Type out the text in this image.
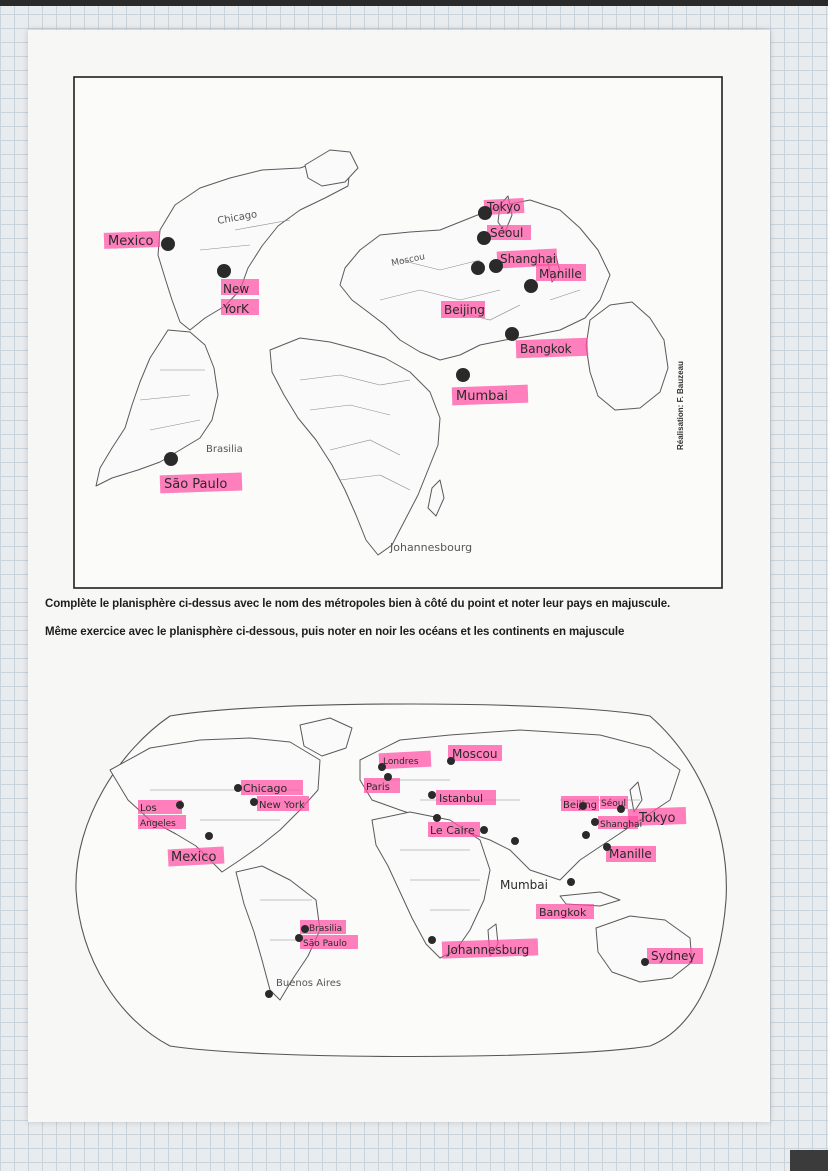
Mexico
New
YorK
São Paulo
Tokyo
Séoul
Shanghai
Manille
Beijing
Bangkok
Mumbai
Chicago
Moscou
Brasilia
Johannesbourg
Réalisation: F. Bauzeau

Complète le planisphère ci-dessus avec le nom des métropoles bien à côté du point et noter leur pays en majuscule.

Même exercice avec le planisphère ci-dessous, puis noter en noir les océans et les continents en majuscule

Los
Angeles
Chicago
New York
Mexico
Londres
Paris
Moscou
Istanbul
Le Caire
Mumbai
Beijing Séoul
Tokyo
Shanghai
Manille
Bangkok
Brasilia
São Paulo
Buenos Aires
Johannesburg	Sydney
